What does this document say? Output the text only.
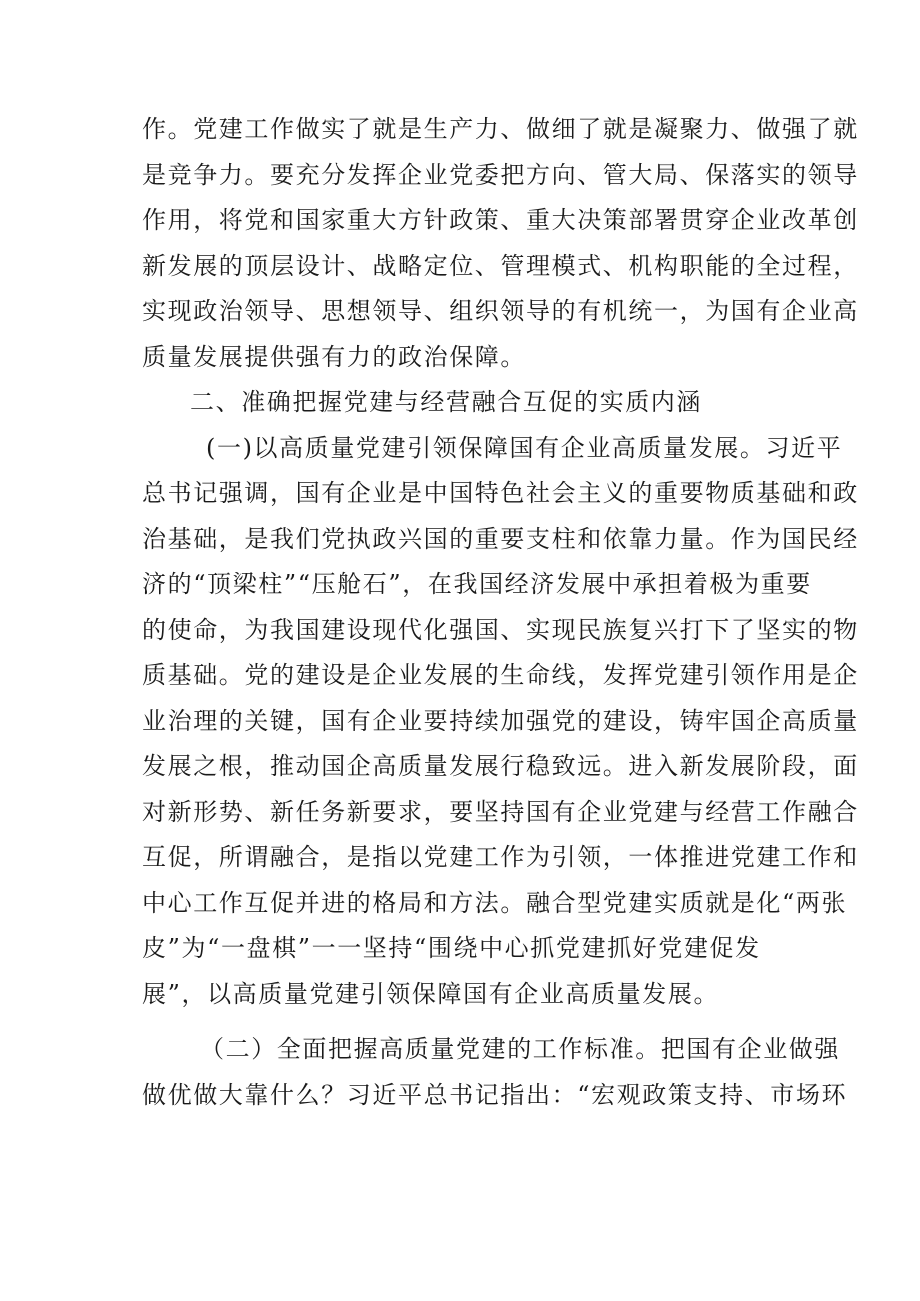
作。党建工作做实了就是生产力、做细了就是凝聚力、做强了就
是竞争力。要充分发挥企业党委把方向、管大局、保落实的领导
作用，将党和国家重大方针政策、重大决策部署贯穿企业改革创
新发展的顶层设计、战略定位、管理模式、机构职能的全过程，
实现政治领导、思想领导、组织领导的有机统一，为国有企业高
质量发展提供强有力的政治保障。
二、准确把握党建与经营融合互促的实质内涵
(一)以高质量党建引领保障国有企业高质量发展。习近平
总书记强调，国有企业是中国特色社会主义的重要物质基础和政
治基础，是我们党执政兴国的重要支柱和依靠力量。作为国民经
济的“顶梁柱”“压舱石”，在我国经济发展中承担着极为重要
的使命，为我国建设现代化强国、实现民族复兴打下了坚实的物
质基础。党的建设是企业发展的生命线，发挥党建引领作用是企
业治理的关键，国有企业要持续加强党的建设，铸牢国企高质量
发展之根，推动国企高质量发展行稳致远。进入新发展阶段，面
对新形势、新任务新要求，要坚持国有企业党建与经营工作融合
互促，所谓融合，是指以党建工作为引领，一体推进党建工作和
中心工作互促并进的格局和方法。融合型党建实质就是化“两张
皮”为“一盘棋”一一坚持“围绕中心抓党建抓好党建促发
展”，以高质量党建引领保障国有企业高质量发展。
（二）全面把握高质量党建的工作标准。把国有企业做强
做优做大靠什么？习近平总书记指出：“宏观政策支持、市场环
